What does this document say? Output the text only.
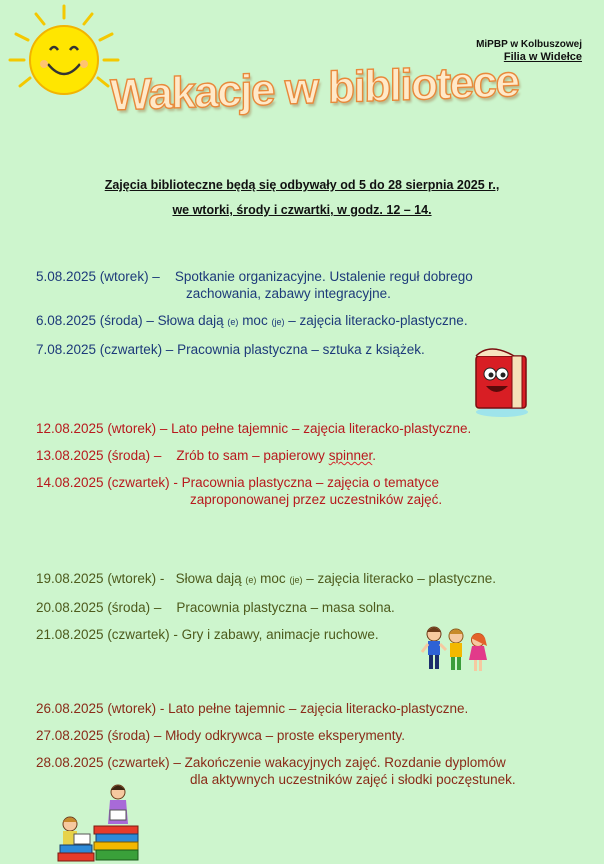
MiPBP w Kolbuszowej
Filia w Widełce
Wakacje w bibliotece
Zajęcia biblioteczne będą się odbywały od 5 do 28 sierpnia 2025 r.,
we wtorki, środy i czwartki, w godz. 12 – 14.
5.08.2025 (wtorek) – Spotkanie organizacyjne. Ustalenie reguł dobrego
zachowania, zabawy integracyjne.
6.08.2025 (środa) – Słowa dają (e) moc (je) – zajęcia literacko-plastyczne.
7.08.2025 (czwartek) – Pracownia plastyczna – sztuka z książek.
12.08.2025 (wtorek) – Lato pełne tajemnic – zajęcia literacko-plastyczne.
13.08.2025 (środa) – Zrób to sam – papierowy spinner.
14.08.2025 (czwartek) - Pracownia plastyczna – zajęcia o tematyce
zaproponowanej przez uczestników zajęć.
19.08.2025 (wtorek) - Słowa dają (e) moc (je) – zajęcia literacko – plastyczne.
20.08.2025 (środa) – Pracownia plastyczna – masa solna.
21.08.2025 (czwartek) - Gry i zabawy, animacje ruchowe.
26.08.2025 (wtorek) - Lato pełne tajemnic – zajęcia literacko-plastyczne.
27.08.2025 (środa) – Młody odkrywca – proste eksperymenty.
28.08.2025 (czwartek) – Zakończenie wakacyjnych zajęć. Rozdanie dyplomów
dla aktywnych uczestników zajęć i słodki poczęstunek.
